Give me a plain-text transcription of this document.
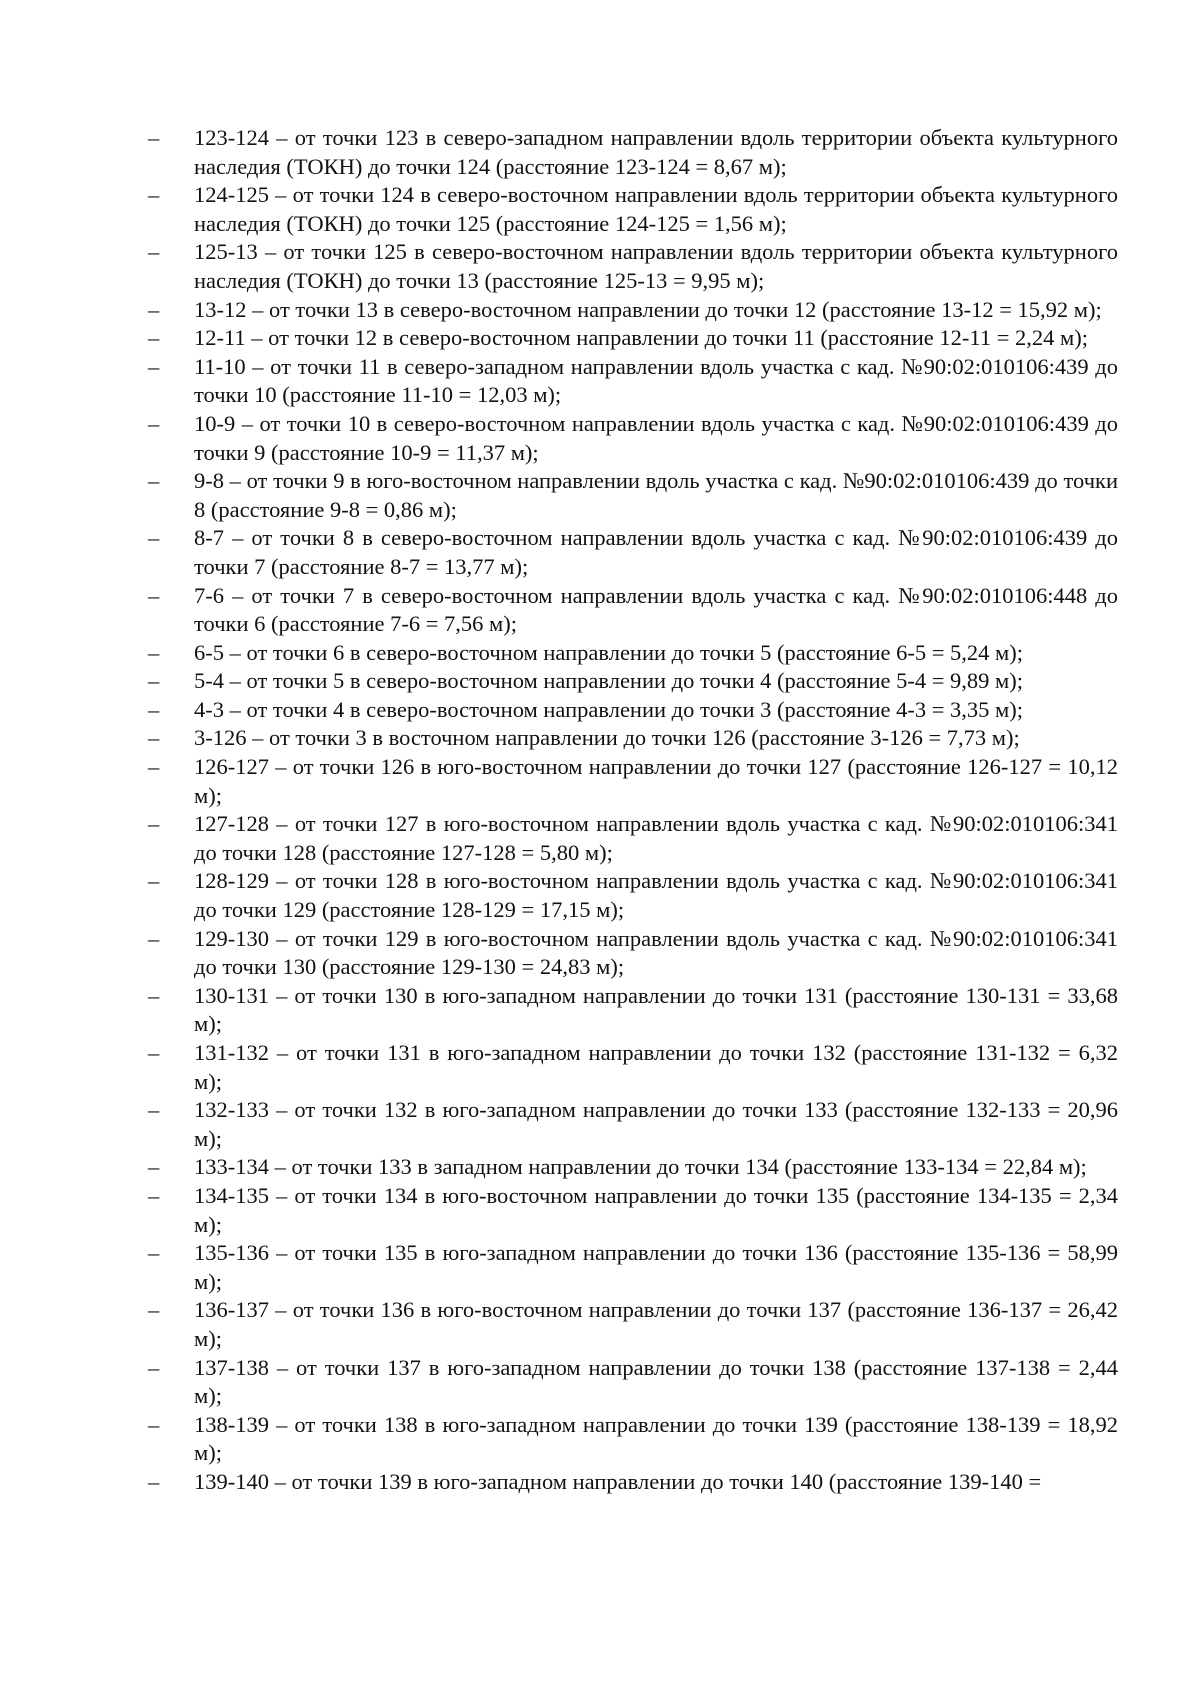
–	123-124 – от точки 123 в северо-западном направлении вдоль территории объекта культурного наследия (ТОКН) до точки 124 (расстояние 123-124 = 8,67 м);
–	124-125 – от точки 124 в северо-восточном направлении вдоль территории объекта культурного наследия (ТОКН) до точки 125 (расстояние 124-125 = 1,56 м);
–	125-13 – от точки 125 в северо-восточном направлении вдоль территории объекта культурного наследия (ТОКН) до точки 13 (расстояние 125-13 = 9,95 м);
–	13-12 – от точки 13 в северо-восточном направлении до точки 12 (расстояние 13-12 = 15,92 м);
–	12-11 – от точки 12 в северо-восточном направлении до точки 11 (расстояние 12-11 = 2,24 м);
–	11-10 – от точки 11 в северо-западном направлении вдоль участка с кад. №90:02:010106:439 до точки 10 (расстояние 11-10 = 12,03 м);
–	10-9 – от точки 10 в северо-восточном направлении вдоль участка с кад. №90:02:010106:439 до точки 9 (расстояние 10-9 = 11,37 м);
–	9-8 – от точки 9 в юго-восточном направлении вдоль участка с кад. №90:02:010106:439 до точки 8 (расстояние 9-8 = 0,86 м);
–	8-7 – от точки 8 в северо-восточном направлении вдоль участка с кад. №90:02:010106:439 до точки 7 (расстояние 8-7 = 13,77 м);
–	7-6 – от точки 7 в северо-восточном направлении вдоль участка с кад. №90:02:010106:448 до точки 6 (расстояние 7-6 = 7,56 м);
–	6-5 – от точки 6 в северо-восточном направлении до точки 5 (расстояние 6-5 = 5,24 м);
–	5-4 – от точки 5 в северо-восточном направлении до точки 4 (расстояние 5-4 = 9,89 м);
–	4-3 – от точки 4 в северо-восточном направлении до точки 3 (расстояние 4-3 = 3,35 м);
–	3-126 – от точки 3 в восточном направлении до точки 126 (расстояние 3-126 = 7,73 м);
–	126-127 – от точки 126 в юго-восточном направлении до точки 127 (расстояние 126-127 = 10,12 м);
–	127-128 – от точки 127 в юго-восточном направлении вдоль участка с кад. №90:02:010106:341 до точки 128 (расстояние 127-128 = 5,80 м);
–	128-129 – от точки 128 в юго-восточном направлении вдоль участка с кад. №90:02:010106:341 до точки 129 (расстояние 128-129 = 17,15 м);
–	129-130 – от точки 129 в юго-восточном направлении вдоль участка с кад. №90:02:010106:341 до точки 130 (расстояние 129-130 = 24,83 м);
–	130-131 – от точки 130 в юго-западном направлении до точки 131 (расстояние 130-131 = 33,68 м);
–	131-132 – от точки 131 в юго-западном направлении до точки 132 (расстояние 131-132 = 6,32 м);
–	132-133 – от точки 132 в юго-западном направлении до точки 133 (расстояние 132-133 = 20,96 м);
–	133-134 – от точки 133 в западном направлении до точки 134 (расстояние 133-134 = 22,84 м);
–	134-135 – от точки 134 в юго-восточном направлении до точки 135 (расстояние 134-135 = 2,34 м);
–	135-136 – от точки 135 в юго-западном направлении до точки 136 (расстояние 135-136 = 58,99 м);
–	136-137 – от точки 136 в юго-восточном направлении до точки 137 (расстояние 136-137 = 26,42 м);
–	137-138 – от точки 137 в юго-западном направлении до точки 138 (расстояние 137-138 = 2,44 м);
–	138-139 – от точки 138 в юго-западном направлении до точки 139 (расстояние 138-139 = 18,92 м);
–	139-140 – от точки 139 в юго-западном направлении до точки 140 (расстояние 139-140 =
